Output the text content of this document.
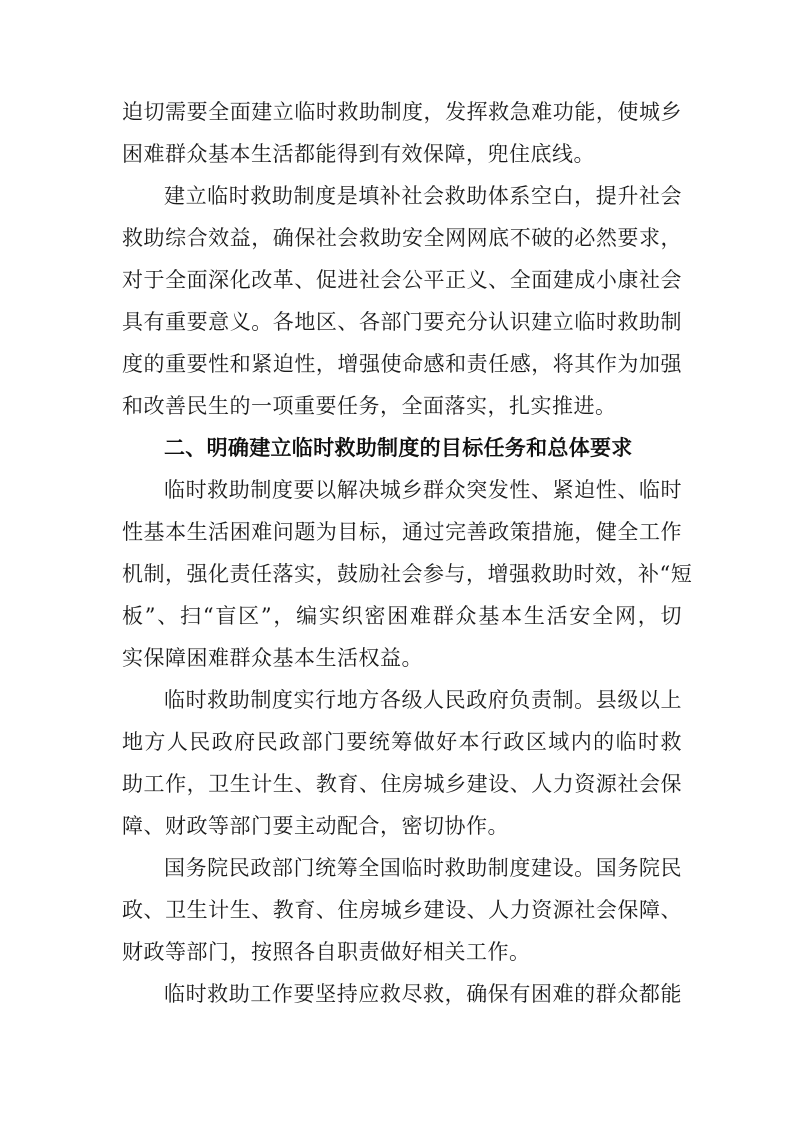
迫切需要全面建立临时救助制度，发挥救急难功能，使城乡
困难群众基本生活都能得到有效保障，兜住底线。
建立临时救助制度是填补社会救助体系空白，提升社会
救助综合效益，确保社会救助安全网网底不破的必然要求，
对于全面深化改革、促进社会公平正义、全面建成小康社会
具有重要意义。各地区、各部门要充分认识建立临时救助制
度的重要性和紧迫性，增强使命感和责任感，将其作为加强
和改善民生的一项重要任务，全面落实，扎实推进。
二、明确建立临时救助制度的目标任务和总体要求
临时救助制度要以解决城乡群众突发性、紧迫性、临时
性基本生活困难问题为目标，通过完善政策措施，健全工作
机制，强化责任落实，鼓励社会参与，增强救助时效，补“短
板”、扫“盲区”，编实织密困难群众基本生活安全网，切
实保障困难群众基本生活权益。
临时救助制度实行地方各级人民政府负责制。县级以上
地方人民政府民政部门要统筹做好本行政区域内的临时救
助工作，卫生计生、教育、住房城乡建设、人力资源社会保
障、财政等部门要主动配合，密切协作。
国务院民政部门统筹全国临时救助制度建设。国务院民
政、卫生计生、教育、住房城乡建设、人力资源社会保障、
财政等部门，按照各自职责做好相关工作。
临时救助工作要坚持应救尽救，确保有困难的群众都能
